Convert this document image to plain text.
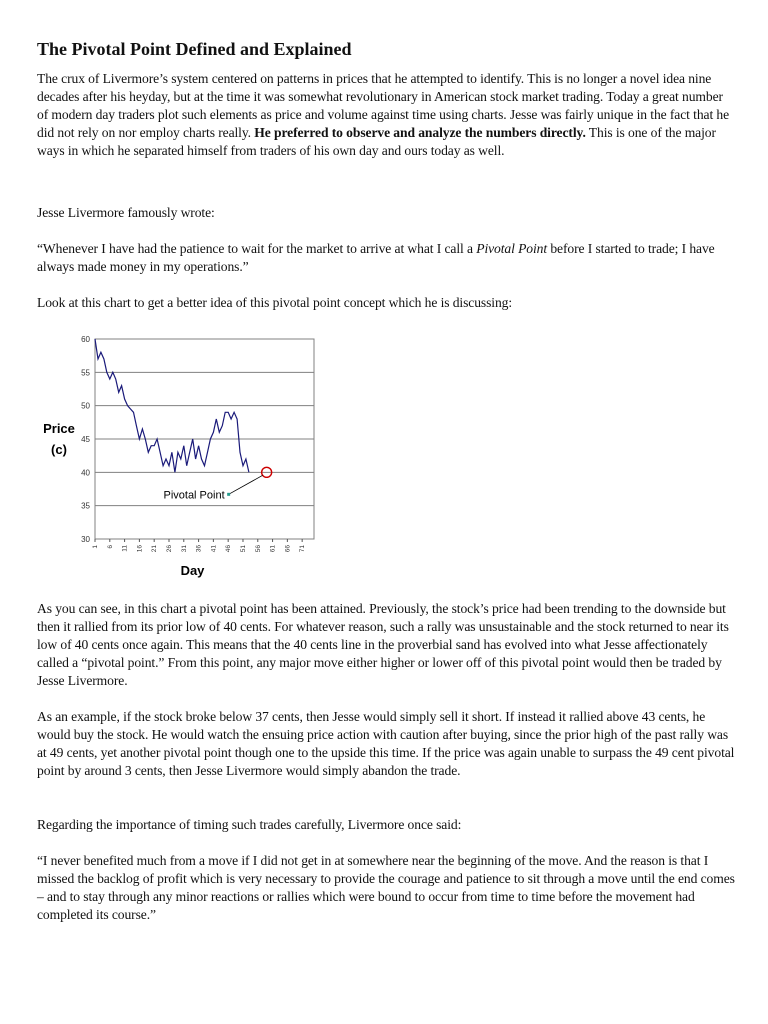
The Pivotal Point Defined and Explained

The crux of Livermore’s system centered on patterns in prices that he attempted to identify. This is no longer a novel idea nine decades after his heyday, but at the time it was somewhat revolutionary in American stock market trading. Today a great number of modern day traders plot such elements as price and volume against time using charts. Jesse was fairly unique in the fact that he did not rely on nor employ charts really. He preferred to observe and analyze the numbers directly. This is one of the major ways in which he separated himself from traders of his own day and ours today as well.

Jesse Livermore famously wrote:

“Whenever I have had the patience to wait for the market to arrive at what I call a Pivotal Point before I started to trade; I have always made money in my operations.”

Look at this chart to get a better idea of this pivotal point concept which he is discussing:

30
35
40
45
50
55
60
1 6 11 16 21 26 31 36 41 46 51 56 61 66 71
Pivotal Point
Price
(c)
Day

As you can see, in this chart a pivotal point has been attained. Previously, the stock’s price had been trending to the downside but then it rallied from its prior low of 40 cents. For whatever reason, such a rally was unsustainable and the stock returned to near its low of 40 cents once again. This means that the 40 cents line in the proverbial sand has evolved into what Jesse affectionately called a “pivotal point.” From this point, any major move either higher or lower off of this pivotal point would then be traded by Jesse Livermore.

As an example, if the stock broke below 37 cents, then Jesse would simply sell it short. If instead it rallied above 43 cents, he would buy the stock. He would watch the ensuing price action with caution after buying, since the prior high of the past rally was at 49 cents, yet another pivotal point though one to the upside this time. If the price was again unable to surpass the 49 cent pivotal point by around 3 cents, then Jesse Livermore would simply abandon the trade.

Regarding the importance of timing such trades carefully, Livermore once said:

“I never benefited much from a move if I did not get in at somewhere near the beginning of the move. And the reason is that I missed the backlog of profit which is very necessary to provide the courage and patience to sit through a move until the end comes – and to stay through any minor reactions or rallies which were bound to occur from time to time before the movement had completed its course.”
